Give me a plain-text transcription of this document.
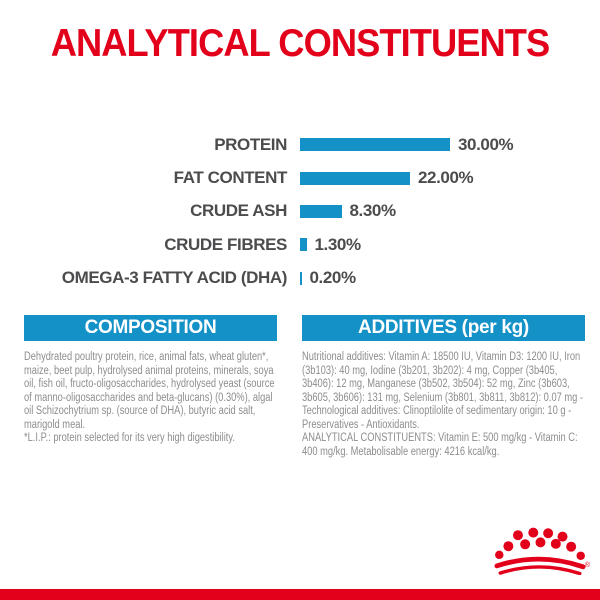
ANALYTICAL CONSTITUENTS
PROTEIN	30.00%
FAT CONTENT	22.00%
CRUDE ASH	8.30%
CRUDE FIBRES	1.30%
OMEGA-3 FATTY ACID (DHA)	0.20%
COMPOSITION

Dehydrated poultry protein, rice, animal fats, wheat gluten*, maize, beet pulp, hydrolysed animal proteins, minerals, soya oil, fish oil, fructo-oligosaccharides, hydrolysed yeast (source of manno-oligosaccharides and beta-glucans) (0.30%), algal oil Schizochytrium sp. (source of DHA), butyric acid salt, marigold meal.

*L.I.P.: protein selected for its very high digestibility.

ADDITIVES (per kg)

Nutritional additives: Vitamin A: 18500 IU, Vitamin D3: 1200 IU, Iron (3b103): 40 mg, Iodine (3b201, 3b202): 4 mg, Copper (3b405, 3b406): 12 mg, Manganese (3b502, 3b504): 52 mg, Zinc (3b603, 3b605, 3b606): 131 mg, Selenium (3b801, 3b811, 3b812): 0.07 mg - Technological additives: Clinoptilolite of sedimentary origin: 10 g - Preservatives - Antioxidants.

ANALYTICAL CONSTITUENTS: Vitamin E: 500 mg/kg - Vitamin C: 400 mg/kg. Metabolisable energy: 4216 kcal/kg.

®
